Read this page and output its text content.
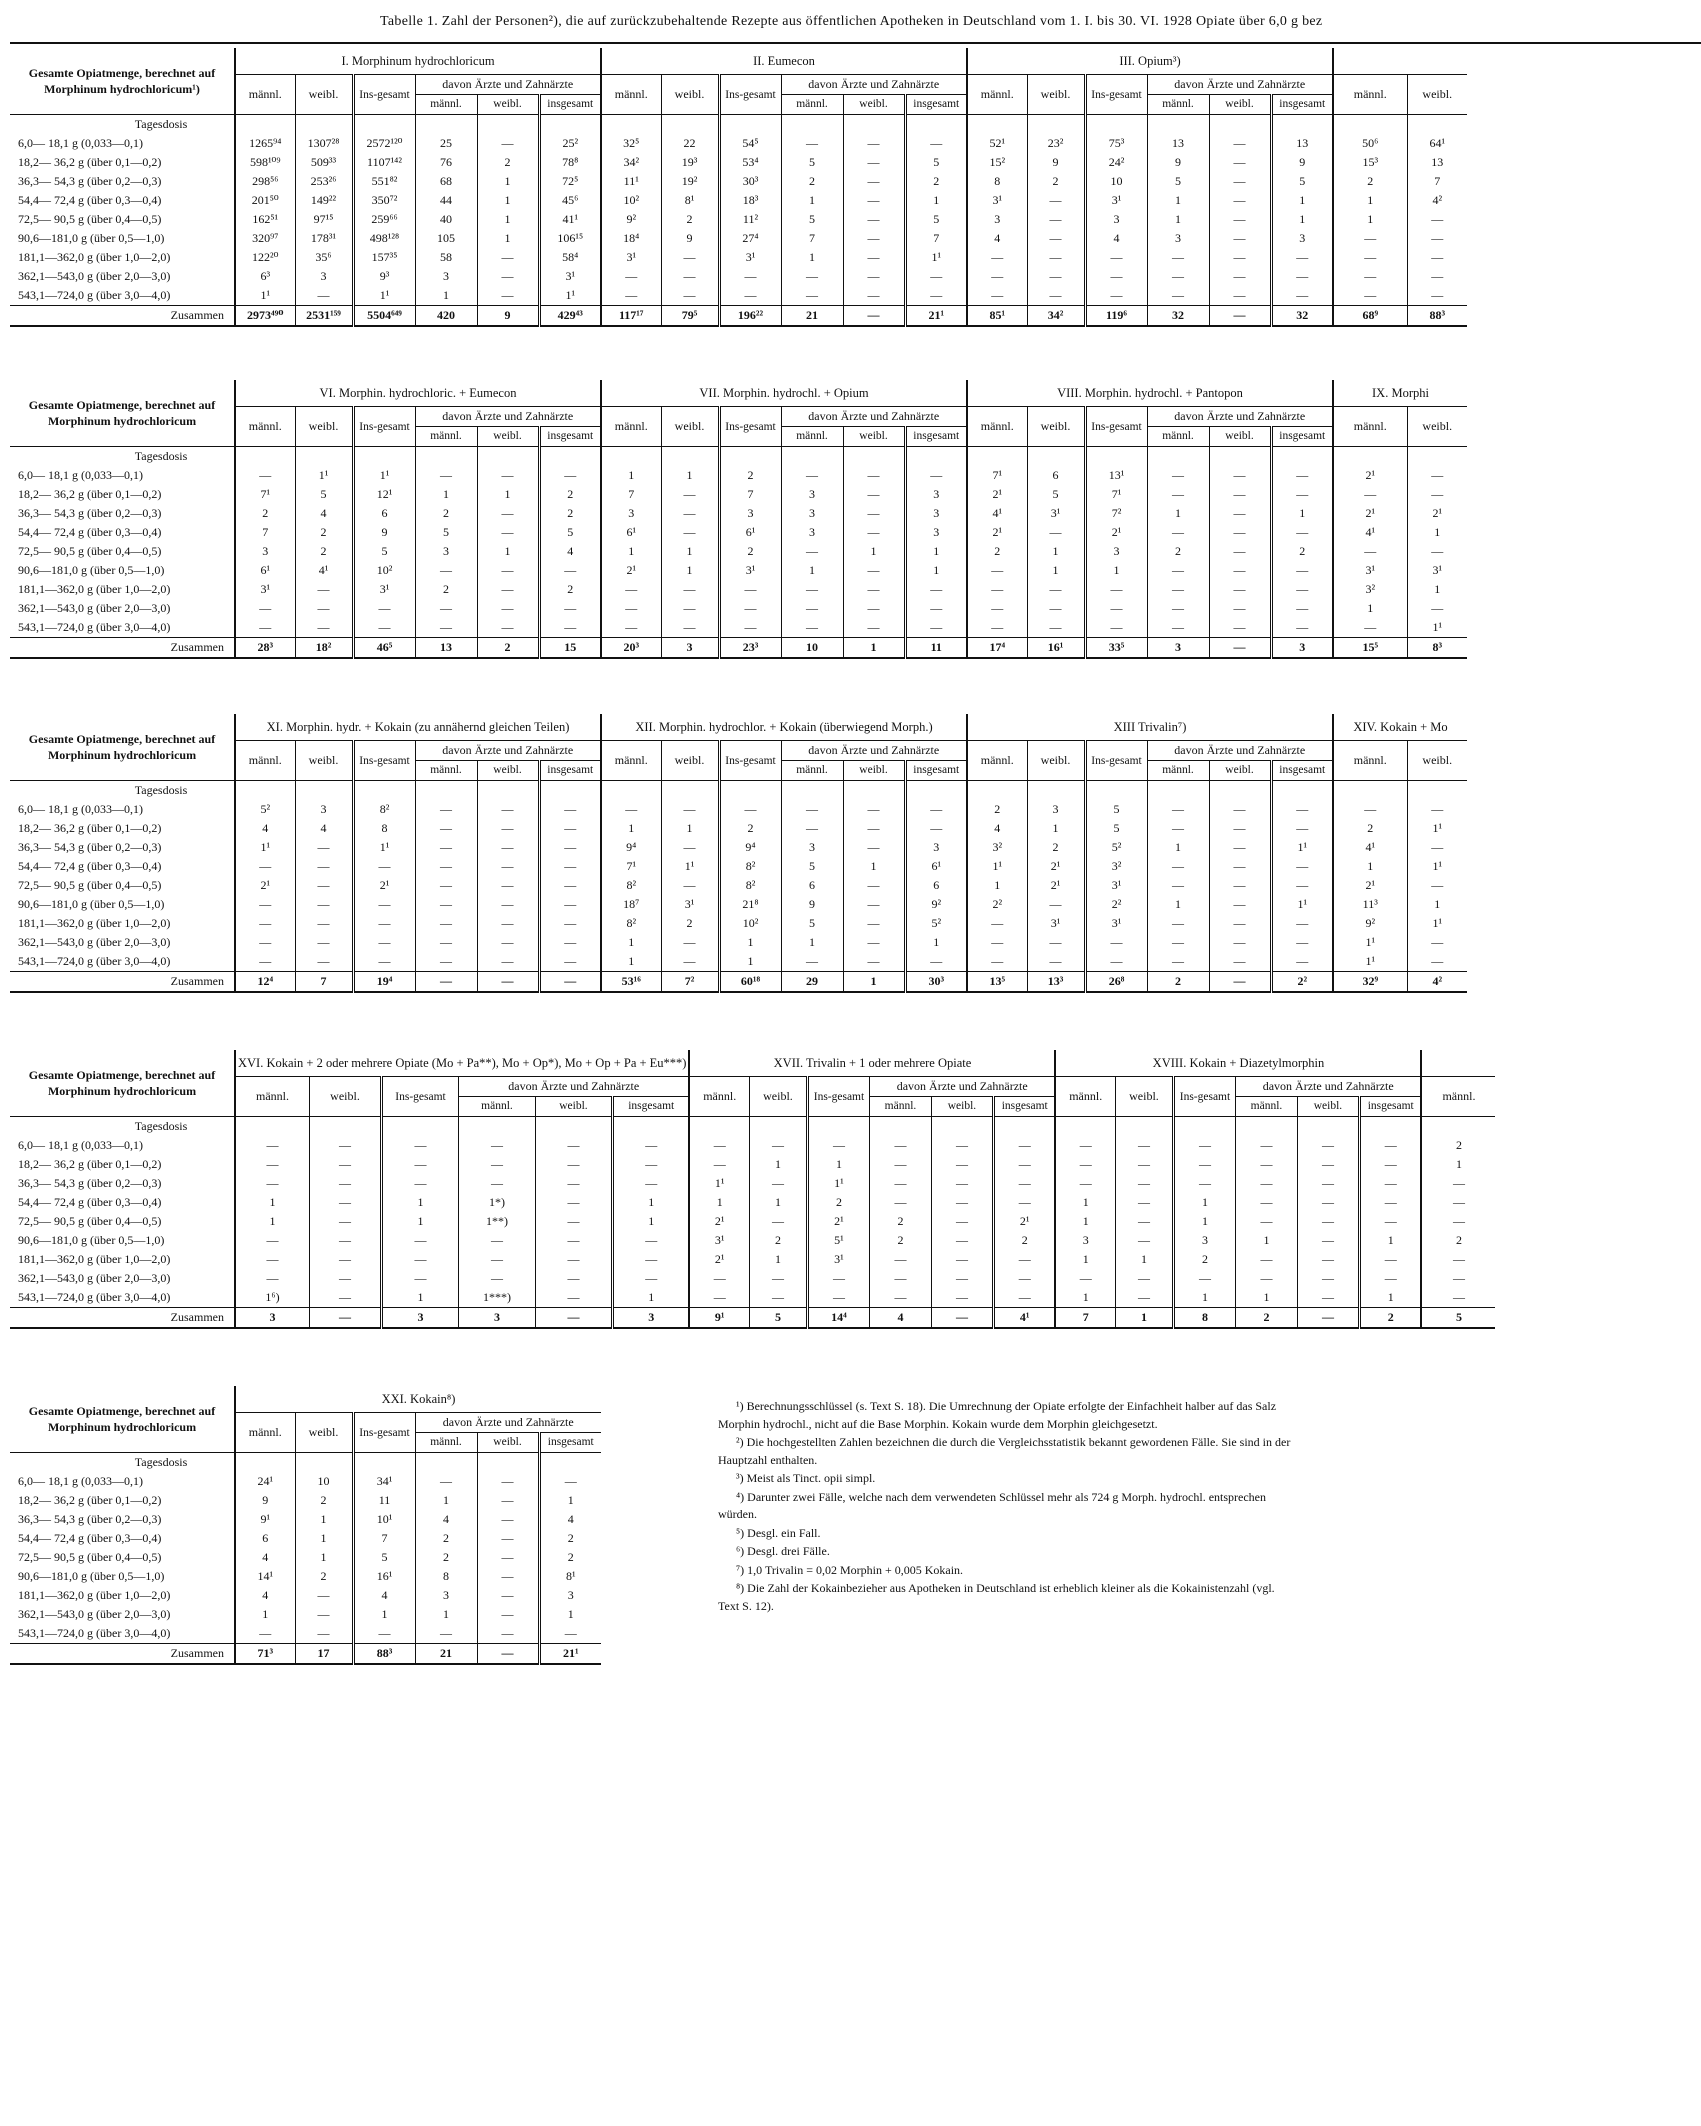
Tabelle 1. Zahl der Personen²), die auf zurückzubehaltende Rezepte aus öffentlichen Apotheken in Deutschland vom 1. I. bis 30. VI. 1928 Opiate über 6,0 g bez
Gesamte Opiatmenge, berechnet auf Morphinum hydrochloricum¹)	I. Morphinum hydrochloricum						II. Eumecon						III. Opium³)							
	männl.	weibl.	Ins-gesamt	davon Ärzte und Zahnärzte			männl.	weibl.	Ins-gesamt	davon Ärzte und Zahnärzte			männl.	weibl.	Ins-gesamt	davon Ärzte und Zahnärzte			männl.	weibl.
				männl.	weibl.	insgesamt				männl.	weibl.	insgesamt				männl.	weibl.	insgesamt		
Tagesdosis																				
6,0— 18,1 g (0,033—0,1)	1265⁹⁴	1307²⁸	2572¹²⁰	25	—	25²	32⁵	22	54⁵	—	—	—	52¹	23²	75³	13	—	13	50⁶	64¹
18,2— 36,2 g (über 0,1—0,2)	598¹⁰⁹	509³³	1107¹⁴²	76	2	78⁸	34²	19³	53⁴	5	—	5	15²	9	24²	9	—	9	15³	13
36,3— 54,3 g (über 0,2—0,3)	298⁵⁶	253²⁶	551⁸²	68	1	72⁵	11¹	19²	30³	2	—	2	8	2	10	5	—	5	2	7
54,4— 72,4 g (über 0,3—0,4)	201⁵⁰	149²²	350⁷²	44	1	45⁶	10²	8¹	18³	1	—	1	3¹	—	3¹	1	—	1	1	4²
72,5— 90,5 g (über 0,4—0,5)	162⁵¹	97¹⁵	259⁶⁶	40	1	41¹	9²	2	11²	5	—	5	3	—	3	1	—	1	1	—
90,6—181,0 g (über 0,5—1,0)	320⁹⁷	178³¹	498¹²⁸	105	1	106¹⁵	18⁴	9	27⁴	7	—	7	4	—	4	3	—	3	—	—
181,1—362,0 g (über 1,0—2,0)	122²⁰	35⁶	157³⁵	58	—	58⁴	3¹	—	3¹	1	—	1¹	—	—	—	—	—	—	—	—
362,1—543,0 g (über 2,0—3,0)	6³	3	9³	3	—	3¹	—	—	—	—	—	—	—	—	—	—	—	—	—	—
543,1—724,0 g (über 3,0—4,0)	1¹	—	1¹	1	—	1¹	—	—	—	—	—	—	—	—	—	—	—	—	—	—
Zusammen	2973⁴⁹⁰	2531¹⁵⁹	5504⁶⁴⁹	420	9	429⁴³	117¹⁷	79⁵	196²²	21	—	21¹	85¹	34²	119⁶	32	—	32	68⁹	88³
Gesamte Opiatmenge, berechnet auf Morphinum hydrochloricum	VI. Morphin. hydrochloric. + Eumecon						VII. Morphin. hydrochl. + Opium						VIII. Morphin. hydrochl. + Pantopon						IX. Morphi	
	männl.	weibl.	Ins-gesamt	davon Ärzte und Zahnärzte			männl.	weibl.	Ins-gesamt	davon Ärzte und Zahnärzte			männl.	weibl.	Ins-gesamt	davon Ärzte und Zahnärzte			männl.	weibl.
				männl.	weibl.	insgesamt				männl.	weibl.	insgesamt				männl.	weibl.	insgesamt		
Tagesdosis																				
6,0— 18,1 g (0,033—0,1)	—	1¹	1¹	—	—	—	1	1	2	—	—	—	7¹	6	13¹	—	—	—	2¹	—
18,2— 36,2 g (über 0,1—0,2)	7¹	5	12¹	1	1	2	7	—	7	3	—	3	2¹	5	7¹	—	—	—	—	—
36,3— 54,3 g (über 0,2—0,3)	2	4	6	2	—	2	3	—	3	3	—	3	4¹	3¹	7²	1	—	1	2¹	2¹
54,4— 72,4 g (über 0,3—0,4)	7	2	9	5	—	5	6¹	—	6¹	3	—	3	2¹	—	2¹	—	—	—	4¹	1
72,5— 90,5 g (über 0,4—0,5)	3	2	5	3	1	4	1	1	2	—	1	1	2	1	3	2	—	2	—	—
90,6—181,0 g (über 0,5—1,0)	6¹	4¹	10²	—	—	—	2¹	1	3¹	1	—	1	—	1	1	—	—	—	3¹	3¹
181,1—362,0 g (über 1,0—2,0)	3¹	—	3¹	2	—	2	—	—	—	—	—	—	—	—	—	—	—	—	3²	1
362,1—543,0 g (über 2,0—3,0)	—	—	—	—	—	—	—	—	—	—	—	—	—	—	—	—	—	—	1	—
543,1—724,0 g (über 3,0—4,0)	—	—	—	—	—	—	—	—	—	—	—	—	—	—	—	—	—	—	—	1¹
Zusammen	28³	18²	46⁵	13	2	15	20³	3	23³	10	1	11	17⁴	16¹	33⁵	3	—	3	15⁵	8³
Gesamte Opiatmenge, berechnet auf Morphinum hydrochloricum	XI. Morphin. hydr. + Kokain (zu annähernd gleichen Teilen)						XII. Morphin. hydrochlor. + Kokain (überwiegend Morph.)						XIII Trivalin⁷)						XIV. Kokain + Mo	
	männl.	weibl.	Ins-gesamt	davon Ärzte und Zahnärzte			männl.	weibl.	Ins-gesamt	davon Ärzte und Zahnärzte			männl.	weibl.	Ins-gesamt	davon Ärzte und Zahnärzte			männl.	weibl.
				männl.	weibl.	insgesamt				männl.	weibl.	insgesamt				männl.	weibl.	insgesamt		
Tagesdosis																				
6,0— 18,1 g (0,033—0,1)	5²	3	8²	—	—	—	—	—	—	—	—	—	2	3	5	—	—	—	—	—
18,2— 36,2 g (über 0,1—0,2)	4	4	8	—	—	—	1	1	2	—	—	—	4	1	5	—	—	—	2	1¹
36,3— 54,3 g (über 0,2—0,3)	1¹	—	1¹	—	—	—	9⁴	—	9⁴	3	—	3	3²	2	5²	1	—	1¹	4¹	—
54,4— 72,4 g (über 0,3—0,4)	—	—	—	—	—	—	7¹	1¹	8²	5	1	6¹	1¹	2¹	3²	—	—	—	1	1¹
72,5— 90,5 g (über 0,4—0,5)	2¹	—	2¹	—	—	—	8²	—	8²	6	—	6	1	2¹	3¹	—	—	—	2¹	—
90,6—181,0 g (über 0,5—1,0)	—	—	—	—	—	—	18⁷	3¹	21⁸	9	—	9²	2²	—	2²	1	—	1¹	11³	1
181,1—362,0 g (über 1,0—2,0)	—	—	—	—	—	—	8²	2	10²	5	—	5²	—	3¹	3¹	—	—	—	9²	1¹
362,1—543,0 g (über 2,0—3,0)	—	—	—	—	—	—	1	—	1	1	—	1	—	—	—	—	—	—	1¹	—
543,1—724,0 g (über 3,0—4,0)	—	—	—	—	—	—	1	—	1	—	—	—	—	—	—	—	—	—	1¹	—
Zusammen	12⁴	7	19⁴	—	—	—	53¹⁶	7²	60¹⁸	29	1	30³	13⁵	13³	26⁸	2	—	2²	32⁹	4²
Gesamte Opiatmenge, berechnet auf Morphinum hydrochloricum	XVI. Kokain + 2 oder mehrere Opiate (Mo + Pa**), Mo + Op*), Mo + Op + Pa + Eu***)						XVII. Trivalin + 1 oder mehrere Opiate						XVIII. Kokain + Diazetylmorphin						
	männl.	weibl.	Ins-gesamt	davon Ärzte und Zahnärzte			männl.	weibl.	Ins-gesamt	davon Ärzte und Zahnärzte			männl.	weibl.	Ins-gesamt	davon Ärzte und Zahnärzte			männl.
				männl.	weibl.	insgesamt				männl.	weibl.	insgesamt				männl.	weibl.	insgesamt	
Tagesdosis																			
6,0— 18,1 g (0,033—0,1)	—	—	—	—	—	—	—	—	—	—	—	—	—	—	—	—	—	—	2
18,2— 36,2 g (über 0,1—0,2)	—	—	—	—	—	—	—	1	1	—	—	—	—	—	—	—	—	—	1
36,3— 54,3 g (über 0,2—0,3)	—	—	—	—	—	—	1¹	—	1¹	—	—	—	—	—	—	—	—	—	—
54,4— 72,4 g (über 0,3—0,4)	1	—	1	1*)	—	1	1	1	2	—	—	—	1	—	1	—	—	—	—
72,5— 90,5 g (über 0,4—0,5)	1	—	1	1**)	—	1	2¹	—	2¹	2	—	2¹	1	—	1	—	—	—	—
90,6—181,0 g (über 0,5—1,0)	—	—	—	—	—	—	3¹	2	5¹	2	—	2	3	—	3	1	—	1	2
181,1—362,0 g (über 1,0—2,0)	—	—	—	—	—	—	2¹	1	3¹	—	—	—	1	1	2	—	—	—	—
362,1—543,0 g (über 2,0—3,0)	—	—	—	—	—	—	—	—	—	—	—	—	—	—	—	—	—	—	—
543,1—724,0 g (über 3,0—4,0)	1⁶)	—	1	1***)	—	1	—	—	—	—	—	—	1	—	1	1	—	1	—
Zusammen	3	—	3	3	—	3	9¹	5	14⁴	4	—	4¹	7	1	8	2	—	2	5
Gesamte Opiatmenge, berechnet auf Morphinum hydrochloricum	XXI. Kokain⁸)					
	männl.	weibl.	Ins-gesamt	davon Ärzte und Zahnärzte		
				männl.	weibl.	insgesamt
Tagesdosis						
6,0— 18,1 g (0,033—0,1)	24¹	10	34¹	—	—	—
18,2— 36,2 g (über 0,1—0,2)	9	2	11	1	—	1
36,3— 54,3 g (über 0,2—0,3)	9¹	1	10¹	4	—	4
54,4— 72,4 g (über 0,3—0,4)	6	1	7	2	—	2
72,5— 90,5 g (über 0,4—0,5)	4	1	5	2	—	2
90,6—181,0 g (über 0,5—1,0)	14¹	2	16¹	8	—	8¹
181,1—362,0 g (über 1,0—2,0)	4	—	4	3	—	3
362,1—543,0 g (über 2,0—3,0)	1	—	1	1	—	1
543,1—724,0 g (über 3,0—4,0)	—	—	—	—	—	—
Zusammen	71³	17	88³	21	—	21¹

¹) Berechnungsschlüssel (s. Text S. 18). Die Umrechnung der Opiate erfolgte der Einfachheit halber auf das Salz Morphin hydrochl., nicht auf die Base Morphin. Kokain wurde dem Morphin gleichgesetzt.

²) Die hochgestellten Zahlen bezeichnen die durch die Vergleichsstatistik bekannt gewordenen Fälle. Sie sind in der Hauptzahl enthalten.

³) Meist als Tinct. opii simpl.

⁴) Darunter zwei Fälle, welche nach dem verwendeten Schlüssel mehr als 724 g Morph. hydrochl. entsprechen würden.

⁵) Desgl. ein Fall.

⁶) Desgl. drei Fälle.

⁷) 1,0 Trivalin = 0,02 Morphin + 0,005 Kokain.

⁸) Die Zahl der Kokainbezieher aus Apotheken in Deutschland ist erheblich kleiner als die Kokainistenzahl (vgl. Text S. 12).
